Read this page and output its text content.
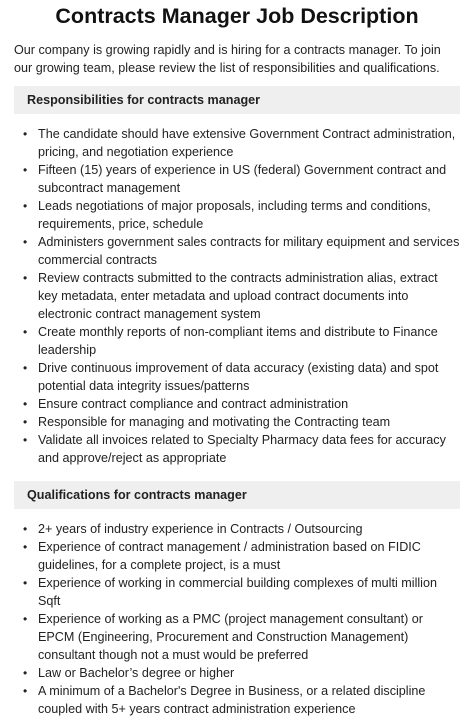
Contracts Manager Job Description

Our company is growing rapidly and is hiring for a contracts manager. To join our growing team, please review the list of responsibilities and qualifications.

Responsibilities for contracts manager
• The candidate should have extensive Government Contract administration, pricing, and negotiation experience
• Fifteen (15) years of experience in US (federal) Government contract and subcontract management
• Leads negotiations of major proposals, including terms and conditions, requirements, price, schedule
• Administers government sales contracts for military equipment and services commercial contracts
• Review contracts submitted to the contracts administration alias, extract key metadata, enter metadata and upload contract documents into electronic contract management system
• Create monthly reports of non-compliant items and distribute to Finance leadership
• Drive continuous improvement of data accuracy (existing data) and spot potential data integrity issues/patterns
• Ensure contract compliance and contract administration
• Responsible for managing and motivating the Contracting team
• Validate all invoices related to Specialty Pharmacy data fees for accuracy and approve/reject as appropriate
Qualifications for contracts manager
• 2+ years of industry experience in Contracts / Outsourcing
• Experience of contract management / administration based on FIDIC guidelines, for a complete project, is a must
• Experience of working in commercial building complexes of multi million Sqft
• Experience of working as a PMC (project management consultant) or EPCM (Engineering, Procurement and Construction Management) consultant though not a must would be preferred
• Law or Bachelor’s degree or higher
• A minimum of a Bachelor's Degree in Business, or a related discipline coupled with 5+ years contract administration experience
